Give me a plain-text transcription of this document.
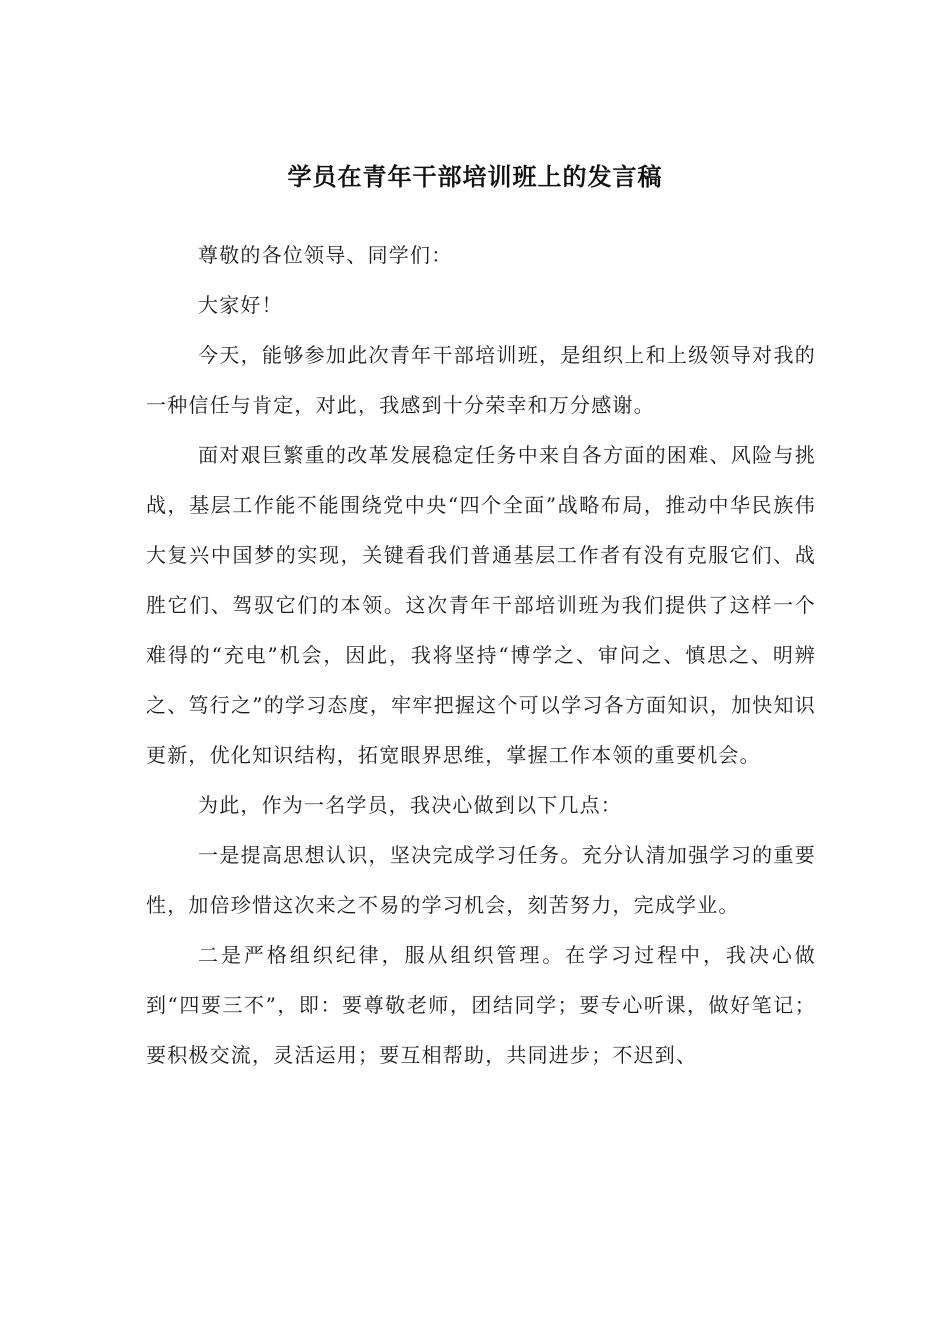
学员在青年干部培训班上的发言稿

尊敬的各位领导、同学们：

大家好！

今天，能够参加此次青年干部培训班，是组织上和上级领导对我的一种信任与肯定，对此，我感到十分荣幸和万分感谢。

面对艰巨繁重的改革发展稳定任务中来自各方面的困难、风险与挑战，基层工作能不能围绕党中央“四个全面”战略布局，推动中华民族伟大复兴中国梦的实现，关键看我们普通基层工作者有没有克服它们、战胜它们、驾驭它们的本领。这次青年干部培训班为我们提供了这样一个难得的“充电”机会，因此，我将坚持“博学之、审问之、慎思之、明辨之、笃行之”的学习态度，牢牢把握这个可以学习各方面知识，加快知识更新，优化知识结构，拓宽眼界思维，掌握工作本领的重要机会。

为此，作为一名学员，我决心做到以下几点：

一是提高思想认识，坚决完成学习任务。充分认清加强学习的重要性，加倍珍惜这次来之不易的学习机会，刻苦努力，完成学业。

二是严格组织纪律，服从组织管理。在学习过程中，我决心做到“四要三不”，即：要尊敬老师，团结同学；要专心听课，做好笔记；要积极交流，灵活运用；要互相帮助，共同进步；不迟到、
